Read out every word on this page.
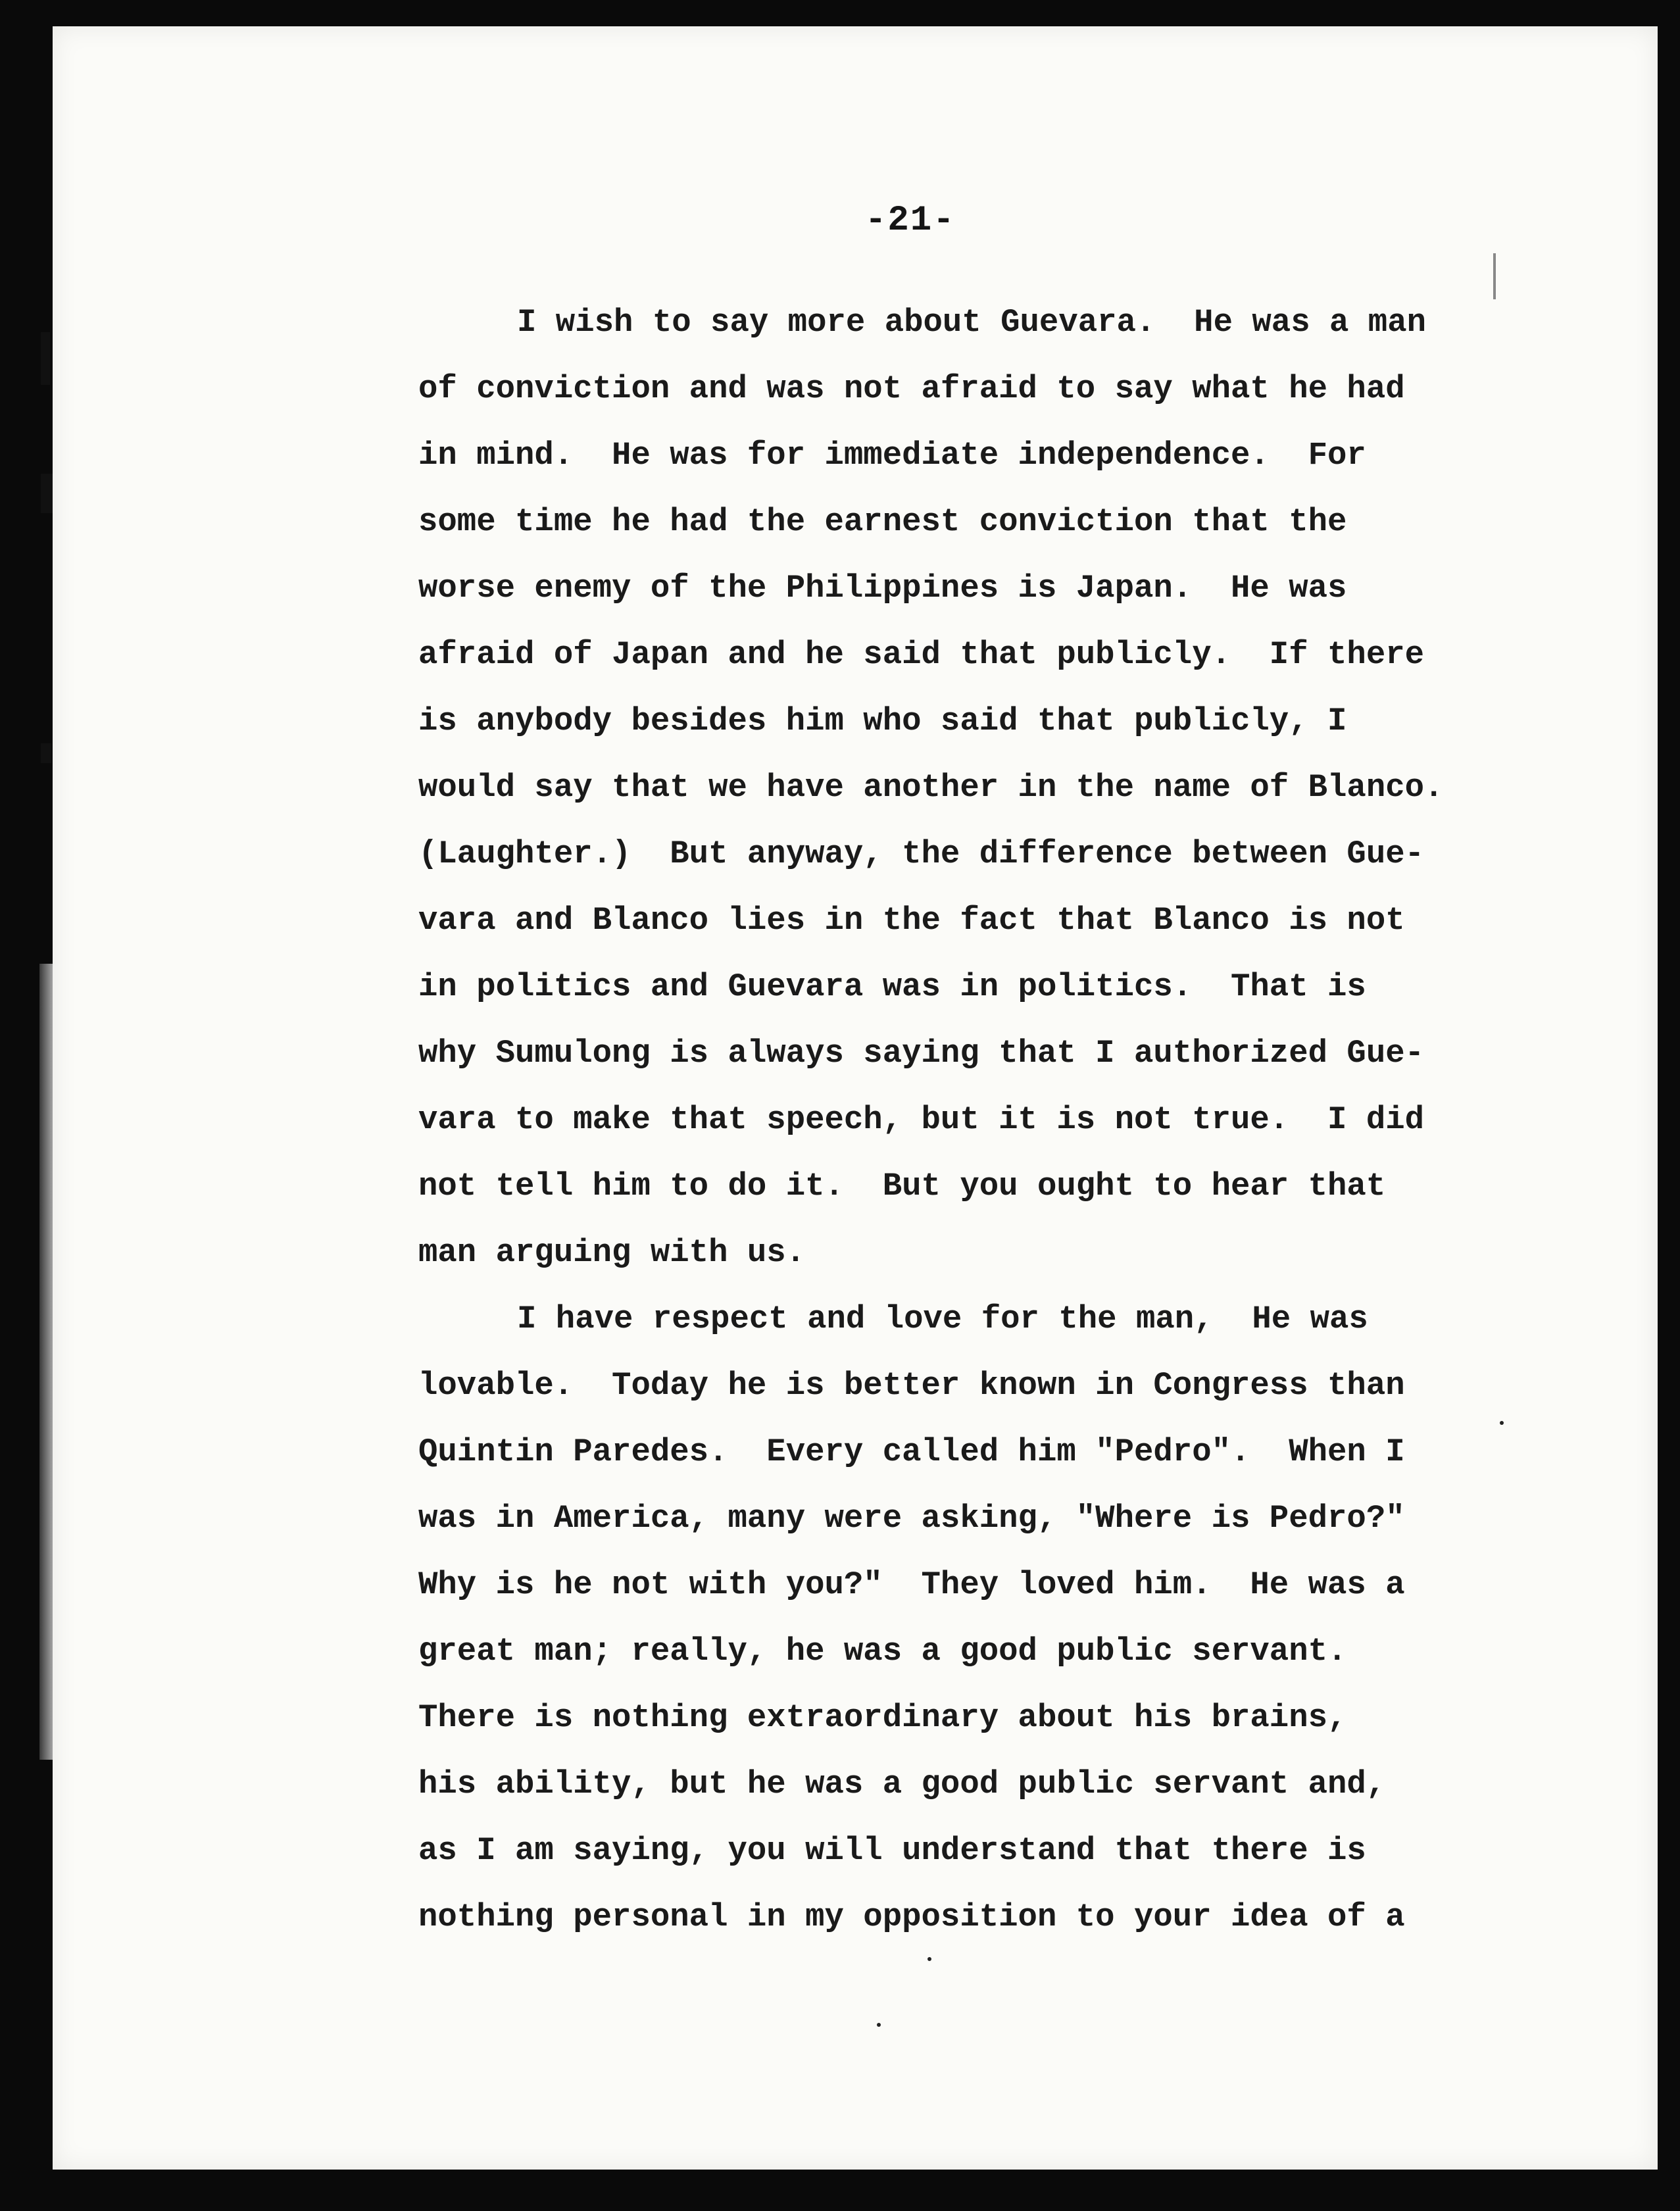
-21-
I wish to say more about Guevara.  He was a man
of conviction and was not afraid to say what he had
in mind.  He was for immediate independence.  For
some time he had the earnest conviction that the
worse enemy of the Philippines is Japan.  He was
afraid of Japan and he said that publicly.  If there
is anybody besides him who said that publicly, I
would say that we have another in the name of Blanco.
(Laughter.)  But anyway, the difference between Gue-
vara and Blanco lies in the fact that Blanco is not
in politics and Guevara was in politics.  That is
why Sumulong is always saying that I authorized Gue-
vara to make that speech, but it is not true.  I did
not tell him to do it.  But you ought to hear that
man arguing with us.
I have respect and love for the man,  He was
lovable.  Today he is better known in Congress than
Quintin Paredes.  Every called him "Pedro".  When I
was in America, many were asking, "Where is Pedro?"
Why is he not with you?"  They loved him.  He was a
great man; really, he was a good public servant.
There is nothing extraordinary about his brains,
his ability, but he was a good public servant and,
as I am saying, you will understand that there is
nothing personal in my opposition to your idea of a
